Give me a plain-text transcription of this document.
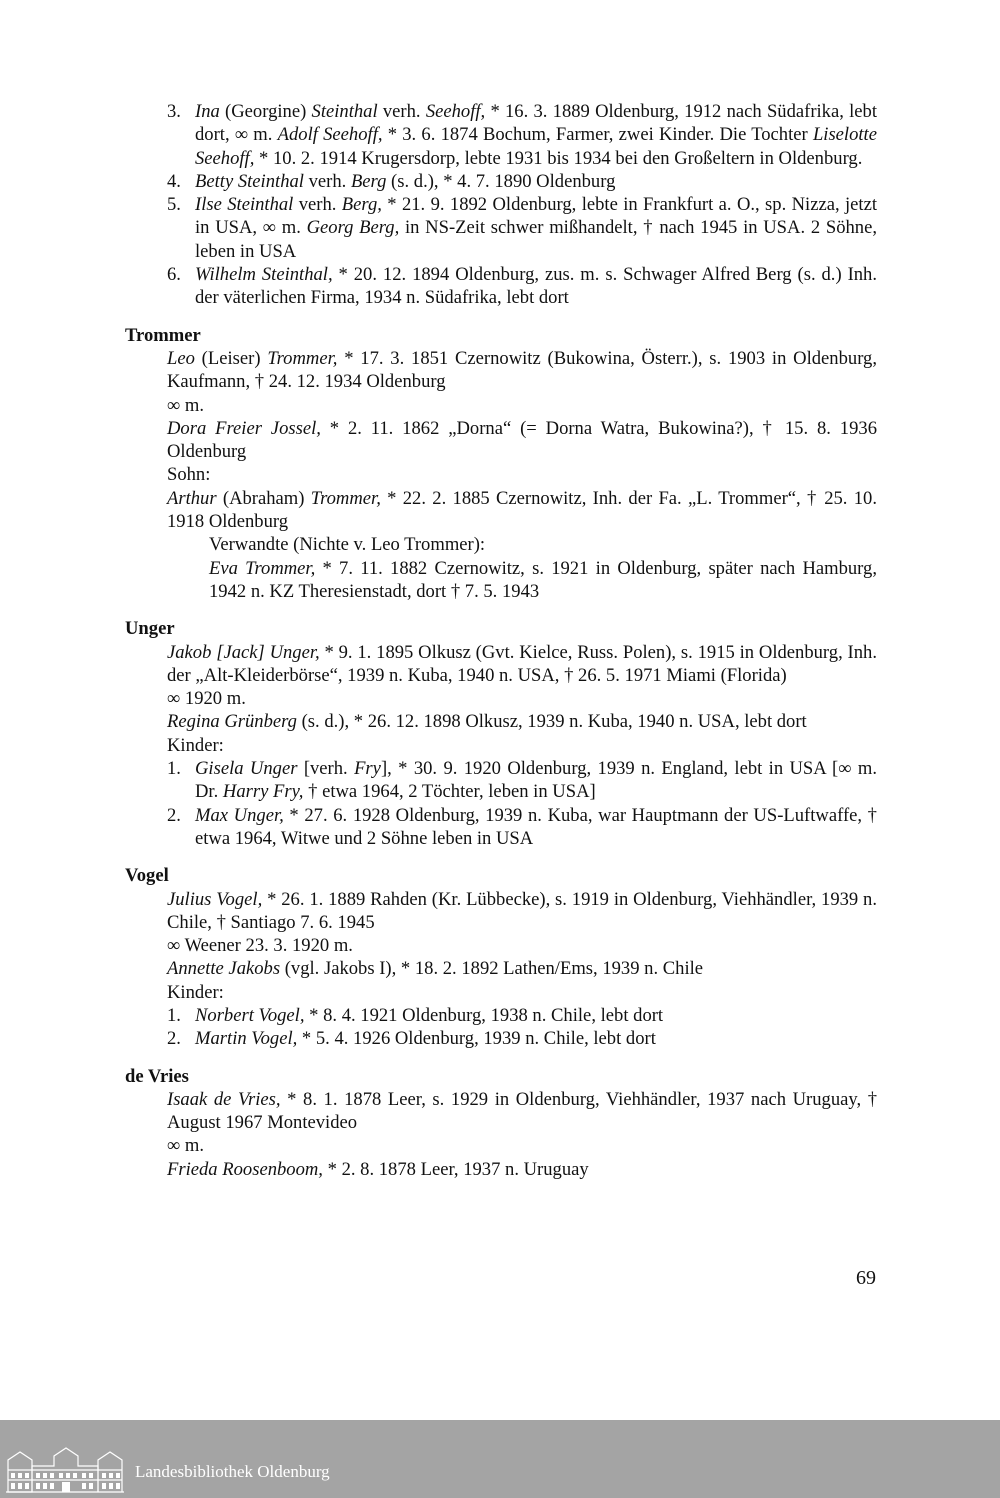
3. Ina (Georgine) Steinthal verh. Seehoff, * 16. 3. 1889 Oldenburg, 1912 nach Südafrika, lebt dort, ∞ m. Adolf Seehoff, * 3. 6. 1874 Bochum, Farmer, zwei Kinder. Die Tochter Liselotte Seehoff, * 10. 2. 1914 Krugersdorp, lebte 1931 bis 1934 bei den Großeltern in Oldenburg.
4. Betty Steinthal verh. Berg (s. d.), * 4. 7. 1890 Oldenburg
5. Ilse Steinthal verh. Berg, * 21. 9. 1892 Oldenburg, lebte in Frankfurt a. O., sp. Nizza, jetzt in USA, ∞ m. Georg Berg, in NS-Zeit schwer mißhandelt, † nach 1945 in USA. 2 Söhne, leben in USA
6. Wilhelm Steinthal, * 20. 12. 1894 Oldenburg, zus. m. s. Schwager Alfred Berg (s. d.) Inh. der väterlichen Firma, 1934 n. Südafrika, lebt dort
Trommer
Leo (Leiser) Trommer, * 17. 3. 1851 Czernowitz (Bukowina, Österr.), s. 1903 in Oldenburg, Kaufmann, † 24. 12. 1934 Oldenburg
∞ m.
Dora Freier Jossel, * 2. 11. 1862 „Dorna“ (= Dorna Watra, Bukowina?), † 15. 8. 1936 Oldenburg
Sohn:
Arthur (Abraham) Trommer, * 22. 2. 1885 Czernowitz, Inh. der Fa. „L. Trommer“, † 25. 10. 1918 Oldenburg
Verwandte (Nichte v. Leo Trommer):
Eva Trommer, * 7. 11. 1882 Czernowitz, s. 1921 in Oldenburg, später nach Hamburg, 1942 n. KZ Theresienstadt, dort † 7. 5. 1943
Unger
Jakob [Jack] Unger, * 9. 1. 1895 Olkusz (Gvt. Kielce, Russ. Polen), s. 1915 in Oldenburg, Inh. der „Alt-Kleiderbörse“, 1939 n. Kuba, 1940 n. USA, † 26. 5. 1971 Miami (Florida)
∞ 1920 m.
Regina Grünberg (s. d.), * 26. 12. 1898 Olkusz, 1939 n. Kuba, 1940 n. USA, lebt dort
Kinder:
1. Gisela Unger [verh. Fry], * 30. 9. 1920 Oldenburg, 1939 n. England, lebt in USA [∞ m. Dr. Harry Fry, † etwa 1964, 2 Töchter, leben in USA]
2. Max Unger, * 27. 6. 1928 Oldenburg, 1939 n. Kuba, war Hauptmann der US-Luftwaffe, † etwa 1964, Witwe und 2 Söhne leben in USA
Vogel
Julius Vogel, * 26. 1. 1889 Rahden (Kr. Lübbecke), s. 1919 in Oldenburg, Viehhändler, 1939 n. Chile, † Santiago 7. 6. 1945
∞ Weener 23. 3. 1920 m.
Annette Jakobs (vgl. Jakobs I), * 18. 2. 1892 Lathen/Ems, 1939 n. Chile
Kinder:
1. Norbert Vogel, * 8. 4. 1921 Oldenburg, 1938 n. Chile, lebt dort
2. Martin Vogel, * 5. 4. 1926 Oldenburg, 1939 n. Chile, lebt dort
de Vries
Isaak de Vries, * 8. 1. 1878 Leer, s. 1929 in Oldenburg, Viehhändler, 1937 nach Uruguay, † August 1967 Montevideo
∞ m.
Frieda Roosenboom, * 2. 8. 1878 Leer, 1937 n. Uruguay
69
Landesbibliothek Oldenburg
